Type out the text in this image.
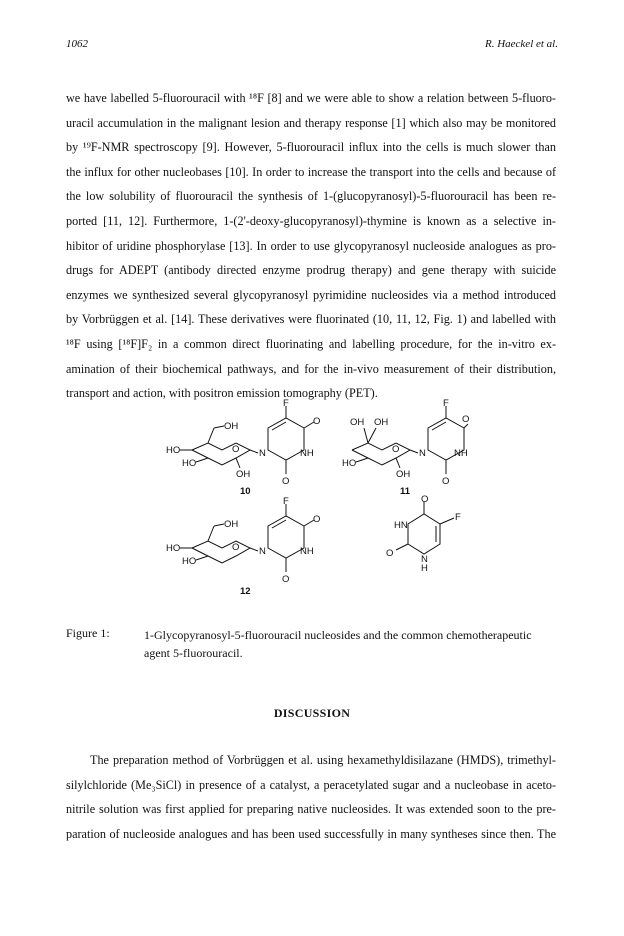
1062	R. Haeckel et al.
we have labelled 5-fluorouracil with ¹⁸F [8] and we were able to show a relation between 5-fluoro-
uracil accumulation in the malignant lesion and therapy response [1] which also may be monitored
by ¹⁹F-NMR spectroscopy [9]. However, 5-fluorouracil influx into the cells is much slower than
the influx for other nucleobases [10]. In order to increase the transport into the cells and because of
the low solubility of fluorouracil the synthesis of 1-(glucopyranosyl)-5-fluorouracil has been re-
ported [11, 12]. Furthermore, 1-(2'-deoxy-glucopyranosyl)-thymine is known as a selective in-
hibitor of uridine phosphorylase [13]. In order to use glycopyranosyl nucleoside analogues as pro-
drugs for ADEPT (antibody directed enzyme prodrug therapy) and gene therapy with suicide
enzymes we synthesized several glycopyranosyl pyrimidine nucleosides via a method introduced
by Vorbrüggen et al. [14]. These derivatives were fluorinated (10, 11, 12, Fig. 1) and labelled with
¹⁸F using [¹⁸F]F₂ in a common direct fluorinating and labelling procedure, for the in-vitro ex-
amination of their biochemical pathways, and for the in-vivo measurement of their distribution,
transport and action, with positron emission tomography (PET).
OH
HO
HO
OH
O N
F
O
NH
O
10
OH OH
HO
OH
O N
F
O
NH
O
11
OH
HO
HO
O N
F
O
NH
O
12
O
F
HN
O
N
H
Figure 1:	1-Glycopyranosyl-5-fluorouracil nucleosides and the common chemotherapeutic
agent 5-fluorouracil.
DISCUSSION
The preparation method of Vorbrüggen et al. using hexamethyldisilazane (HMDS), trimethyl-
silylchloride (Me₃SiCl) in presence of a catalyst, a peracetylated sugar and a nucleobase in aceto-
nitrile solution was first applied for preparing native nucleosides. It was extended soon to the pre-
paration of nucleoside analogues and has been used successfully in many syntheses since then. The
